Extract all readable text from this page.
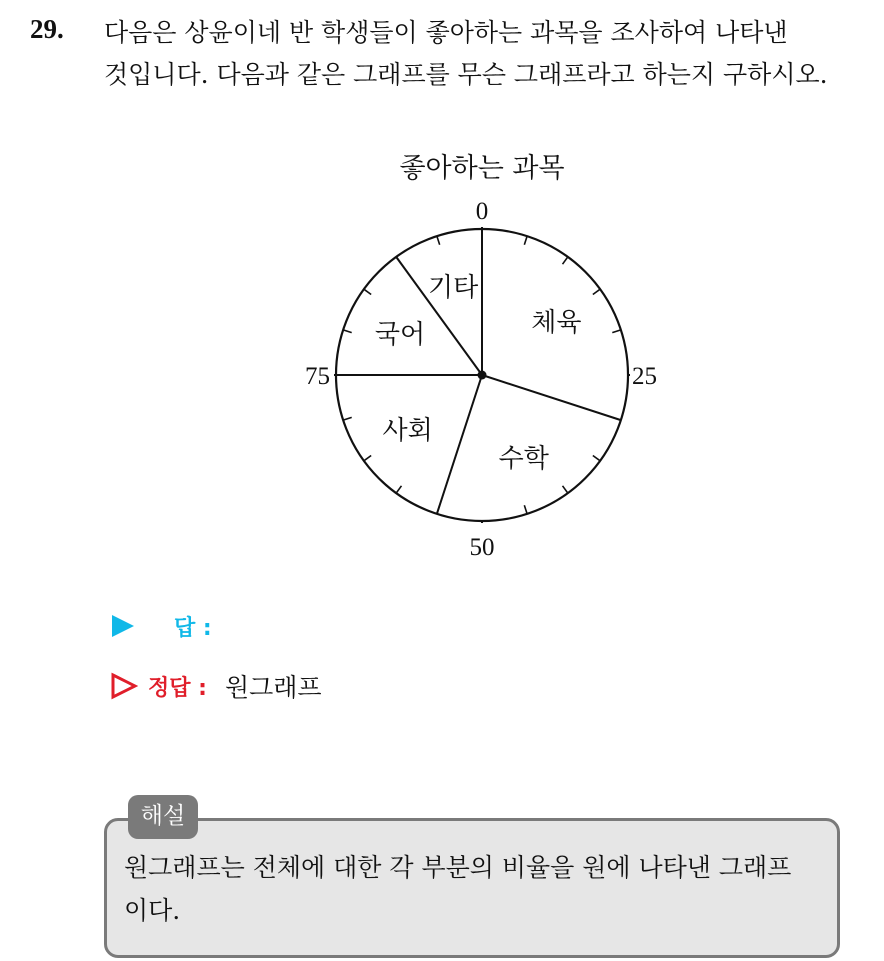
29. 다음은 상윤이네 반 학생들이 좋아하는 과목을 조사하여 나타낸
것입니다. 다음과 같은 그래프를 무슨 그래프라고 하는지 구하시오.
좋아하는 과목
체육
수학
사회
국어
기타
0
25
50
75
답 :
정답 : 원그래프
해설
원그래프는 전체에 대한 각 부분의 비율을 원에 나타낸 그래프
이다.
